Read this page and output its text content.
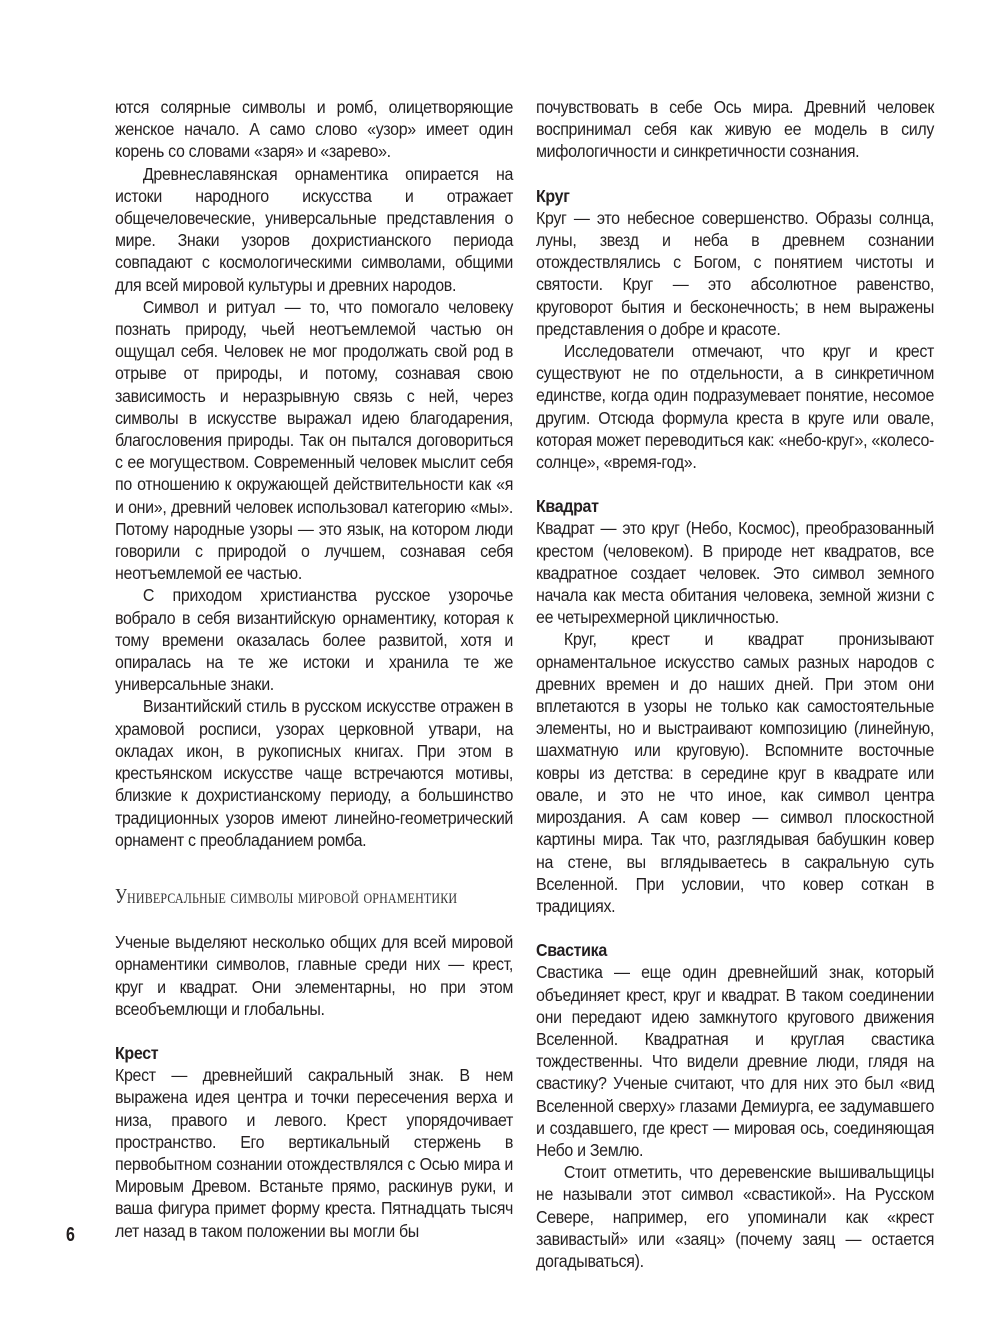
ются солярные символы и ромб, олицетворяющие женское начало. А само слово «узор» имеет один корень со словами «заря» и «зарево».

Древнеславянская орнаментика опирается на истоки народного искусства и отражает общечеловеческие, универсальные представления о мире. Знаки узоров дохристианского периода совпадают с космологическими символами, общими для всей мировой культуры и древних народов.

Символ и ритуал — то, что помогало человеку познать природу, чьей неотъемлемой частью он ощущал себя. Человек не мог продолжать свой род в отрыве от природы, и потому, сознавая свою зависимость и неразрывную связь с ней, через символы в искусстве выражал идею благодарения, благословения природы. Так он пытался договориться с ее могуществом. Современный человек мыслит себя по отношению к окружающей действительности как «я и они», древний человек использовал категорию «мы». Потому народные узоры — это язык, на котором люди говорили с природой о лучшем, сознавая себя неотъемлемой ее частью.

С приходом христианства русское узорочье вобрало в себя византийскую орнаментику, которая к тому времени оказалась более развитой, хотя и опиралась на те же истоки и хранила те же универсальные знаки.

Византийский стиль в русском искусстве отражен в храмовой росписи, узорах церковной утвари, на окладах икон, в рукописных книгах. При этом в крестьянском искусстве чаще встречаются мотивы, близкие к дохристианскому периоду, а большинство традиционных узоров имеют линейно-геометрический орнамент с преобладанием ромба.

Универсальные символы мировой орнаментики

Ученые выделяют несколько общих для всей мировой орнаментики символов, главные среди них — крест, круг и квадрат. Они элементарны, но при этом всеобъемлющи и глобальны.

Крест

Крест — древнейший сакральный знак. В нем выражена идея центра и точки пересечения верха и низа, правого и левого. Крест упорядочивает пространство. Его вертикальный стержень в первобытном сознании отождествлялся с Осью мира и Мировым Древом. Встаньте прямо, раскинув руки, и ваша фигура примет форму креста. Пятнадцать тысяч лет назад в таком положении вы могли бы

почувствовать в себе Ось мира. Древний человек воспринимал себя как живую ее модель в силу мифологичности и синкретичности сознания.

Круг

Круг — это небесное совершенство. Образы солнца, луны, звезд и неба в древнем сознании отождествлялись с Богом, с понятием чистоты и святости. Круг — это абсолютное равенство, круговорот бытия и бесконечность; в нем выражены представления о добре и красоте.

Исследователи отмечают, что круг и крест существуют не по отдельности, а в синкретичном единстве, когда один подразумевает понятие, несомое другим. Отсюда формула креста в круге или овале, которая может переводиться как: «небо-круг», «колесо-солнце», «время-год».

Квадрат

Квадрат — это круг (Небо, Космос), преобразованный крестом (человеком). В природе нет квадратов, все квадратное создает человек. Это символ земного начала как места обитания человека, земной жизни с ее четырехмерной цикличностью.

Круг, крест и квадрат пронизывают орнаментальное искусство самых разных народов с древних времен и до наших дней. При этом они вплетаются в узоры не только как самостоятельные элементы, но и выстраивают композицию (линейную, шахматную или круговую). Вспомните восточные ковры из детства: в середине круг в квадрате или овале, и это не что иное, как символ центра мироздания. А сам ковер — символ плоскостной картины мира. Так что, разглядывая бабушкин ковер на стене, вы вглядываетесь в сакральную суть Вселенной. При условии, что ковер соткан в традициях.

Свастика

Свастика — еще один древнейший знак, который объединяет крест, круг и квадрат. В таком соединении они передают идею замкнутого кругового движения Вселенной. Квадратная и круглая свастика тождественны. Что видели древние люди, глядя на свастику? Ученые считают, что для них это был «вид Вселенной сверху» глазами Демиурга, ее задумавшего и создавшего, где крест — мировая ось, соединяющая Небо и Землю.

Стоит отметить, что деревенские вышивальщицы не называли этот символ «свастикой». На Русском Севере, например, его упоминали как «крест завивастый» или «заяц» (почему заяц — остается догадываться).

6
